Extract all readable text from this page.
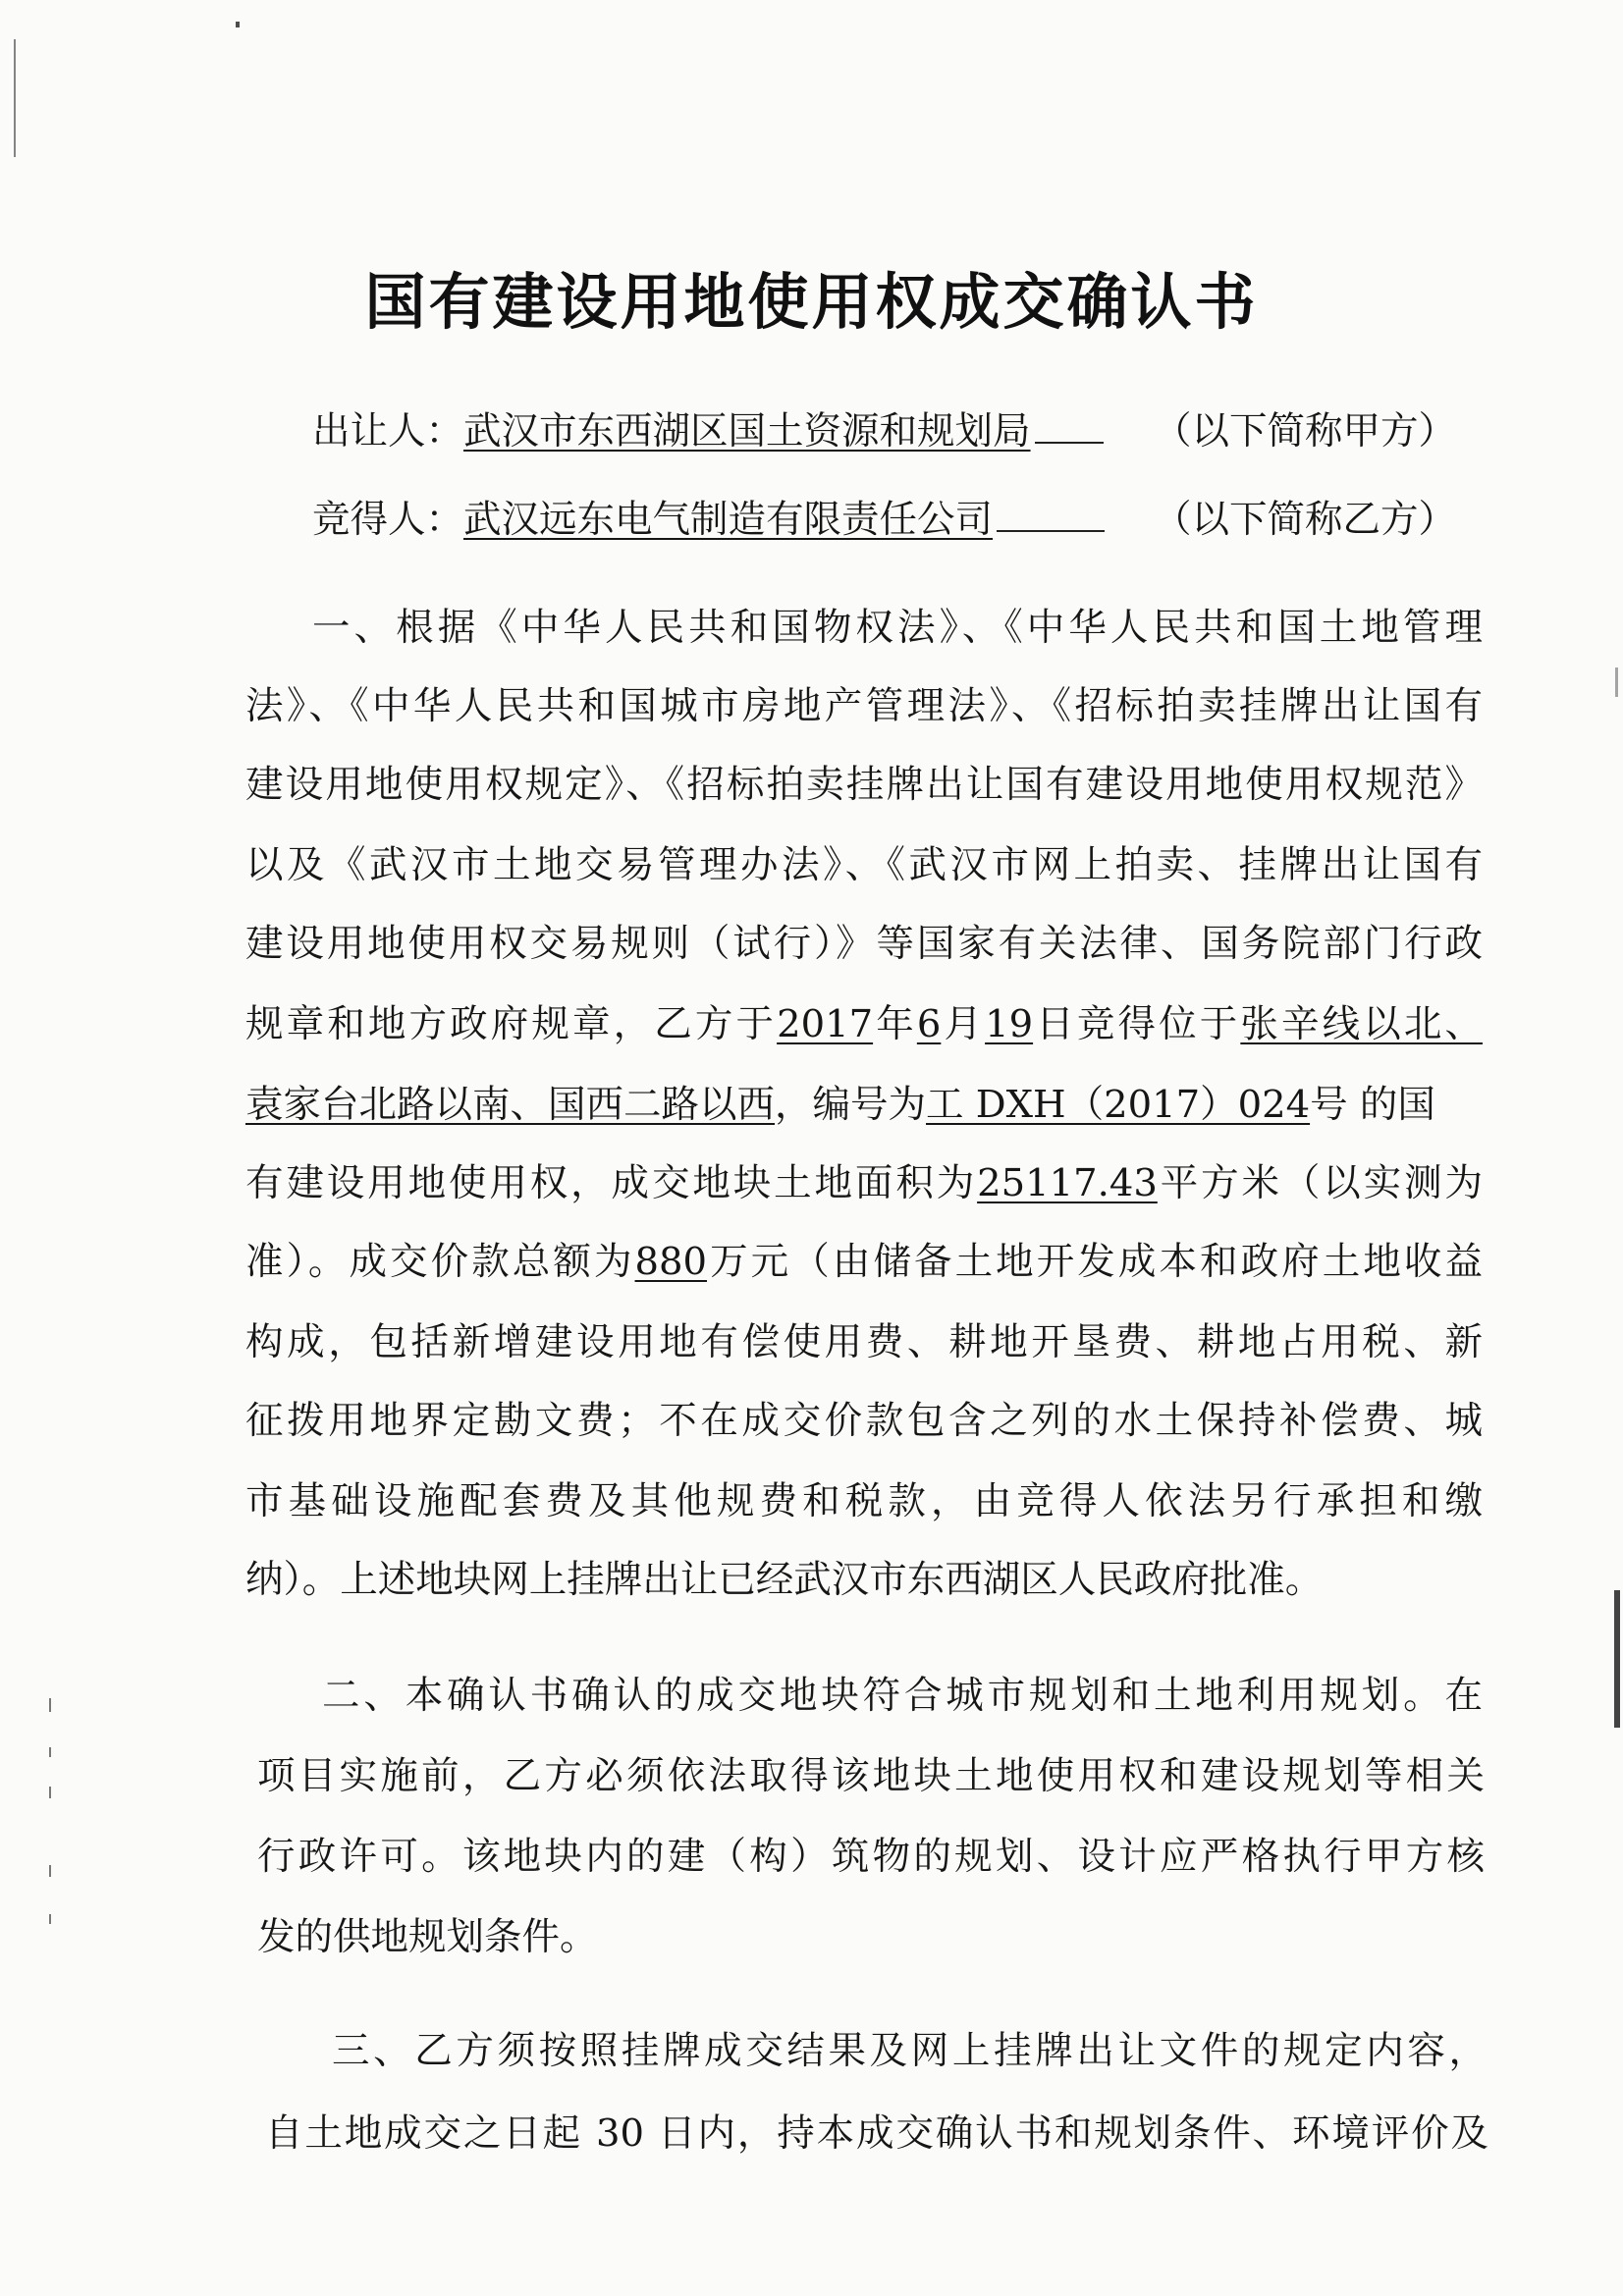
国有建设用地使用权成交确认书
出让人：武汉市东西湖区国土资源和规划局	（以下简称甲方）
竞得人：武汉远东电气制造有限责任公司	（以下简称乙方）
一、根据《中华人民共和国物权法》、《中华人民共和国土地管理
法》、《中华人民共和国城市房地产管理法》、《招标拍卖挂牌出让国有
建设用地使用权规定》、《招标拍卖挂牌出让国有建设用地使用权规范》
以及《武汉市土地交易管理办法》、《武汉市网上拍卖、挂牌出让国有
建设用地使用权交易规则（试行）》等国家有关法律、国务院部门行政
规章和地方政府规章，乙方于2017年6月19日竞得位于张辛线以北、
袁家台北路以南、国西二路以西，编号为工 DXH（2017）024号 的国
有建设用地使用权，成交地块土地面积为25117.43平方米（以实测为
准）。成交价款总额为880万元（由储备土地开发成本和政府土地收益
构成，包括新增建设用地有偿使用费、耕地开垦费、耕地占用税、新
征拨用地界定勘文费；不在成交价款包含之列的水土保持补偿费、城
市基础设施配套费及其他规费和税款，由竞得人依法另行承担和缴
纳）。上述地块网上挂牌出让已经武汉市东西湖区人民政府批准。
二、本确认书确认的成交地块符合城市规划和土地利用规划。在
项目实施前，乙方必须依法取得该地块土地使用权和建设规划等相关
行政许可。该地块内的建（构）筑物的规划、设计应严格执行甲方核
发的供地规划条件。
三、乙方须按照挂牌成交结果及网上挂牌出让文件的规定内容，
自土地成交之日起 30 日内，持本成交确认书和规划条件、环境评价及
